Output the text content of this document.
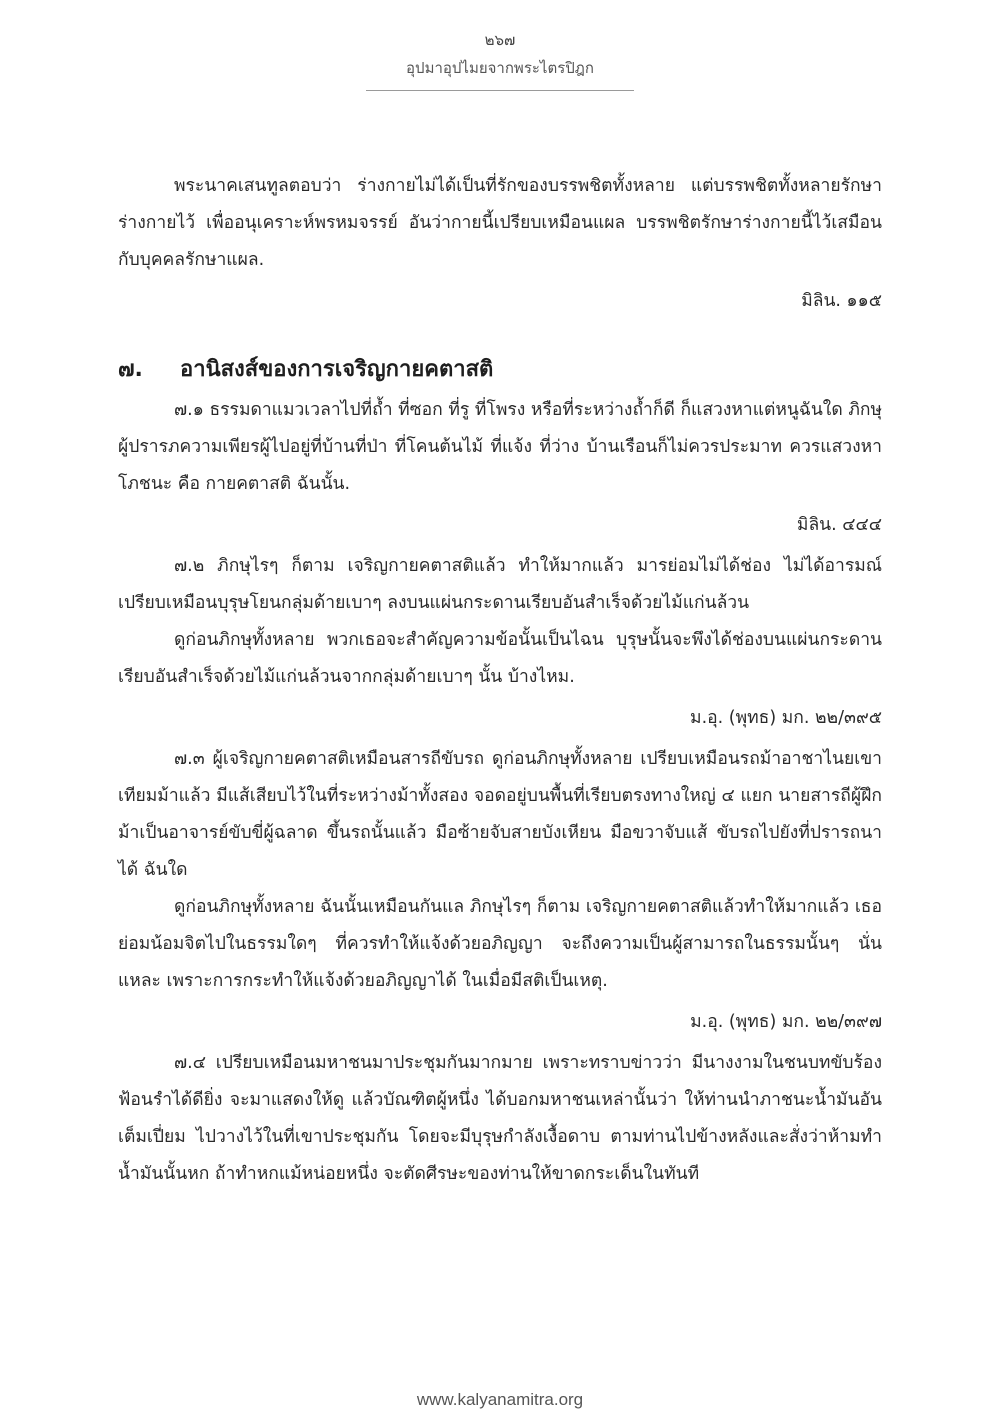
๒๖๗
อุปมาอุปไมยจากพระไตรปิฎก

พระนาคเสนทูลตอบว่า ร่างกายไม่ได้เป็นที่รักของบรรพชิตทั้งหลาย แต่บรรพชิตทั้งหลายรักษาร่างกายไว้ เพื่ออนุเคราะห์พรหมจรรย์ อันว่ากายนี้เปรียบเหมือนแผล บรรพชิตรักษาร่างกายนี้ไว้เสมือนกับบุคคลรักษาแผล.

มิลิน. ๑๑๕
๗.	อานิสงส์ของการเจริญกายคตาสติ

๗.๑ ธรรมดาแมวเวลาไปที่ถ้ำ ที่ซอก ที่รู ที่โพรง หรือที่ระหว่างถ้ำก็ดี ก็แสวงหาแต่หนูฉันใด ภิกษุผู้ปรารภความเพียรผู้ไปอยู่ที่บ้านที่ป่า ที่โคนต้นไม้ ที่แจ้ง ที่ว่าง บ้านเรือนก็ไม่ควรประมาท ควรแสวงหาโภชนะ คือ กายคตาสติ ฉันนั้น.

มิลิน. ๔๔๔

๗.๒ ภิกษุไรๆ ก็ตาม เจริญกายคตาสติแล้ว ทำให้มากแล้ว มารย่อมไม่ได้ช่อง ไม่ได้อารมณ์ เปรียบเหมือนบุรุษโยนกลุ่มด้ายเบาๆ ลงบนแผ่นกระดานเรียบอันสำเร็จด้วยไม้แก่นล้วน

ดูก่อนภิกษุทั้งหลาย พวกเธอจะสำคัญความข้อนั้นเป็นไฉน บุรุษนั้นจะพึงได้ช่องบนแผ่นกระดานเรียบอันสำเร็จด้วยไม้แก่นล้วนจากกลุ่มด้ายเบาๆ นั้น บ้างไหม.

ม.อุ. (พุทธ) มก. ๒๒/๓๙๕

๗.๓ ผู้เจริญกายคตาสติเหมือนสารถีขับรถ ดูก่อนภิกษุทั้งหลาย เปรียบเหมือนรถม้าอาชาไนยเขาเทียมม้าแล้ว มีแส้เสียบไว้ในที่ระหว่างม้าทั้งสอง จอดอยู่บนพื้นที่เรียบตรงทางใหญ่ ๔ แยก นายสารถีผู้ฝึกม้าเป็นอาจารย์ขับขี่ผู้ฉลาด ขึ้นรถนั้นแล้ว มือซ้ายจับสายบังเหียน มือขวาจับแส้ ขับรถไปยังที่ปรารถนาได้ ฉันใด

ดูก่อนภิกษุทั้งหลาย ฉันนั้นเหมือนกันแล ภิกษุไรๆ ก็ตาม เจริญกายคตาสติแล้วทำให้มากแล้ว เธอย่อมน้อมจิตไปในธรรมใดๆ ที่ควรทำให้แจ้งด้วยอภิญญา จะถึงความเป็นผู้สามารถในธรรมนั้นๆ นั่นแหละ เพราะการกระทำให้แจ้งด้วยอภิญญาได้ ในเมื่อมีสติเป็นเหตุ.

ม.อุ. (พุทธ) มก. ๒๒/๓๙๗

๗.๔ เปรียบเหมือนมหาชนมาประชุมกันมากมาย เพราะทราบข่าวว่า มีนางงามในชนบทขับร้องฟ้อนรำได้ดียิ่ง จะมาแสดงให้ดู แล้วบัณฑิตผู้หนึ่ง ได้บอกมหาชนเหล่านั้นว่า ให้ท่านนำภาชนะน้ำมันอันเต็มเปี่ยม ไปวางไว้ในที่เขาประชุมกัน โดยจะมีบุรุษกำลังเงื้อดาบ ตามท่านไปข้างหลังและสั่งว่าห้ามทำน้ำมันนั้นหก ถ้าทำหกแม้หน่อยหนึ่ง จะตัดศีรษะของท่านให้ขาดกระเด็นในทันที

www.kalyanamitra.org
